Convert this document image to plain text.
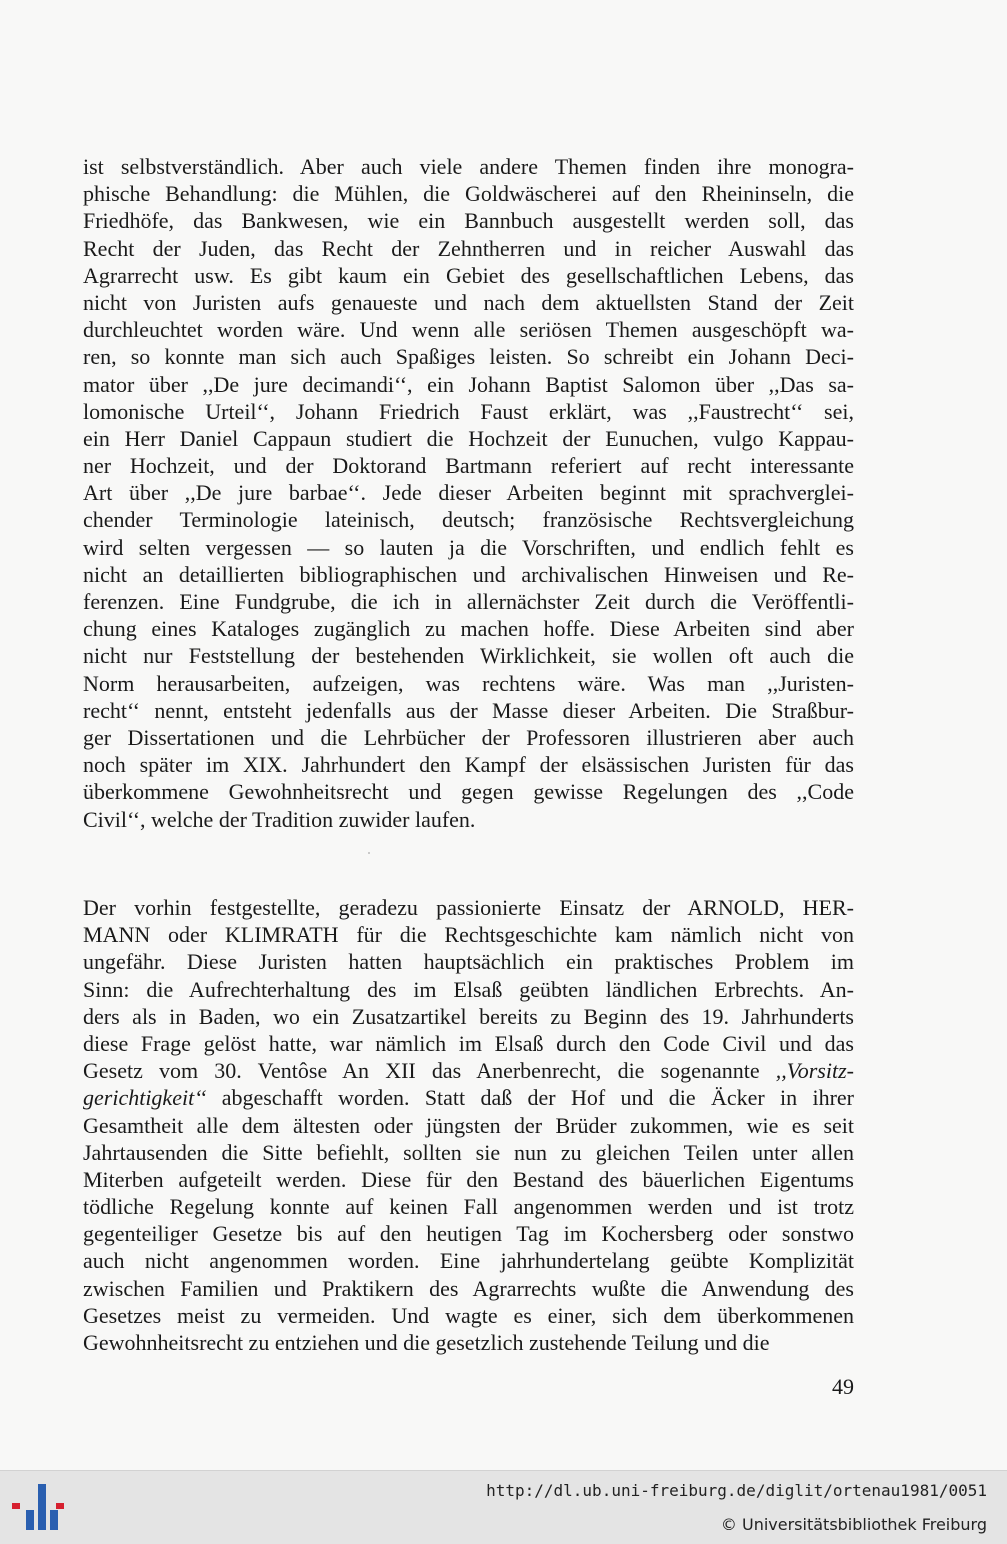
ist selbstverständlich. Aber auch viele andere Themen finden ihre monogra-
phische Behandlung: die Mühlen, die Goldwäscherei auf den Rheininseln, die
Friedhöfe, das Bankwesen, wie ein Bannbuch ausgestellt werden soll, das
Recht der Juden, das Recht der Zehntherren und in reicher Auswahl das
Agrarrecht usw. Es gibt kaum ein Gebiet des gesellschaftlichen Lebens, das
nicht von Juristen aufs genaueste und nach dem aktuellsten Stand der Zeit
durchleuchtet worden wäre. Und wenn alle seriösen Themen ausgeschöpft wa-
ren, so konnte man sich auch Spaßiges leisten. So schreibt ein Johann Deci-
mator über ,,De jure decimandi‘‘, ein Johann Baptist Salomon über ,,Das sa-
lomonische Urteil‘‘, Johann Friedrich Faust erklärt, was ,,Faustrecht‘‘ sei,
ein Herr Daniel Cappaun studiert die Hochzeit der Eunuchen, vulgo Kappau-
ner Hochzeit, und der Doktorand Bartmann referiert auf recht interessante
Art über ,,De jure barbae‘‘. Jede dieser Arbeiten beginnt mit sprachverglei-
chender Terminologie lateinisch, deutsch; französische Rechtsvergleichung
wird selten vergessen — so lauten ja die Vorschriften, und endlich fehlt es
nicht an detaillierten bibliographischen und archivalischen Hinweisen und Re-
ferenzen. Eine Fundgrube, die ich in allernächster Zeit durch die Veröffentli-
chung eines Kataloges zugänglich zu machen hoffe. Diese Arbeiten sind aber
nicht nur Feststellung der bestehenden Wirklichkeit, sie wollen oft auch die
Norm herausarbeiten, aufzeigen, was rechtens wäre. Was man ,,Juristen-
recht‘‘ nennt, entsteht jedenfalls aus der Masse dieser Arbeiten. Die Straßbur-
ger Dissertationen und die Lehrbücher der Professoren illustrieren aber auch
noch später im XIX. Jahrhundert den Kampf der elsässischen Juristen für das
überkommene Gewohnheitsrecht und gegen gewisse Regelungen des ,,Code
Civil‘‘, welche der Tradition zuwider laufen.
Der vorhin festgestellte, geradezu passionierte Einsatz der ARNOLD, HER-
MANN oder KLIMRATH für die Rechtsgeschichte kam nämlich nicht von
ungefähr. Diese Juristen hatten hauptsächlich ein praktisches Problem im
Sinn: die Aufrechterhaltung des im Elsaß geübten ländlichen Erbrechts. An-
ders als in Baden, wo ein Zusatzartikel bereits zu Beginn des 19. Jahrhunderts
diese Frage gelöst hatte, war nämlich im Elsaß durch den Code Civil und das
Gesetz vom 30. Ventôse An XII das Anerbenrecht, die sogenannte ,,Vorsitz-
gerichtigkeit‘‘ abgeschafft worden. Statt daß der Hof und die Äcker in ihrer
Gesamtheit alle dem ältesten oder jüngsten der Brüder zukommen, wie es seit
Jahrtausenden die Sitte befiehlt, sollten sie nun zu gleichen Teilen unter allen
Miterben aufgeteilt werden. Diese für den Bestand des bäuerlichen Eigentums
tödliche Regelung konnte auf keinen Fall angenommen werden und ist trotz
gegenteiliger Gesetze bis auf den heutigen Tag im Kochersberg oder sonstwo
auch nicht angenommen worden. Eine jahrhundertelang geübte Komplizität
zwischen Familien und Praktikern des Agrarrechts wußte die Anwendung des
Gesetzes meist zu vermeiden. Und wagte es einer, sich dem überkommenen
Gewohnheitsrecht zu entziehen und die gesetzlich zustehende Teilung und die
49
http://dl.ub.uni-freiburg.de/diglit/ortenau1981/0051
© Universitätsbibliothek Freiburg
